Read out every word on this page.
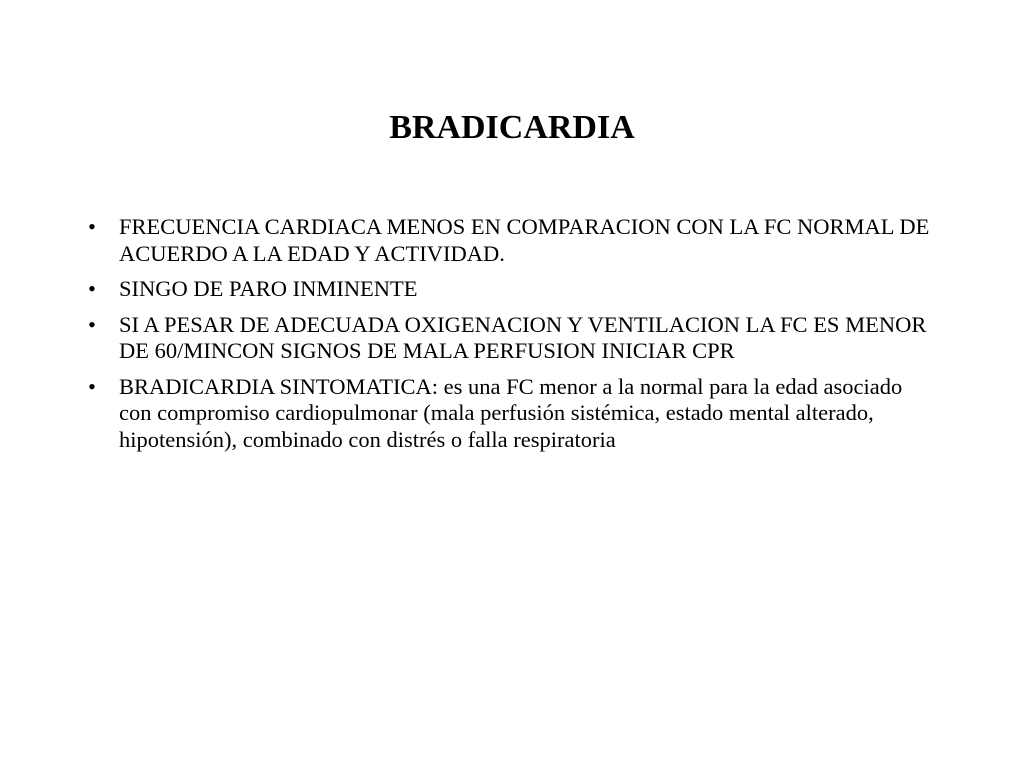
BRADICARDIA
• FRECUENCIA CARDIACA MENOS EN COMPARACION CON LA FC NORMAL DE ACUERDO A LA EDAD Y ACTIVIDAD.
• SINGO DE PARO INMINENTE
• SI A PESAR DE ADECUADA OXIGENACION Y VENTILACION LA FC ES MENOR DE 60/MINCON SIGNOS DE MALA PERFUSION INICIAR CPR
• BRADICARDIA SINTOMATICA: es una FC menor a la normal para la edad asociado con compromiso cardiopulmonar (mala perfusión sistémica, estado mental alterado, hipotensión), combinado con distrés o falla respiratoria
